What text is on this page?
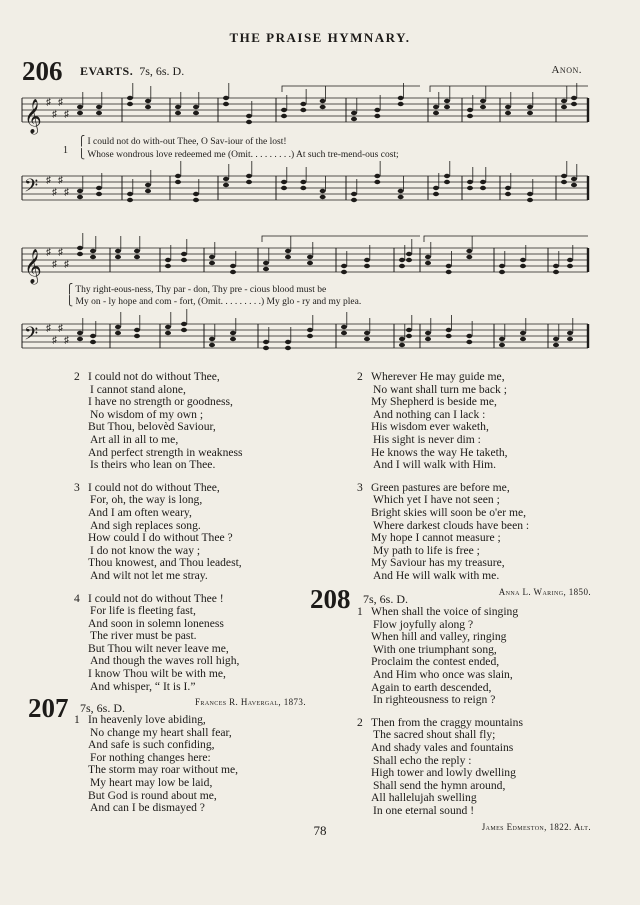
THE PRAISE HYMNARY.
206 EVARTS. 7s, 6s. D.	Anon.
𝄞 ♯
♯
♯
♯
𝄢 ♯
♯
♯
♯
1
⎧ I could not do with-out Thee, O Sav-iour of the lost!
⎩ Whose wondrous love redeemed me (Omit. . . . . . . . .) At such tre-mend-ous cost;
𝄞 ♯
♯
♯
♯
𝄢 ♯
♯
♯
♯
⎧ Thy right-eous-ness, Thy par - don, Thy pre - cious blood must be
⎩ My on - ly hope and com - fort, (Omit. . . . . . . . .) My glo - ry and my plea.
2 I could not do without Thee,
I cannot stand alone,
I have no strength or goodness,
No wisdom of my own ;
But Thou, belovèd Saviour,
Art all in all to me,
And perfect strength in weakness
Is theirs who lean on Thee.
3 I could not do without Thee,
For, oh, the way is long,
And I am often weary,
And sigh replaces song.
How could I do without Thee ?
I do not know the way ;
Thou knowest, and Thou leadest,
And wilt not let me stray.
4 I could not do without Thee !
For life is fleeting fast,
And soon in solemn loneness
The river must be past.
But Thou wilt never leave me,
And though the waves roll high,
I know Thou wilt be with me,
And whisper, “ It is I.”
Frances R. Havergal, 1873.
207 7s, 6s. D.
1 In heavenly love abiding,
No change my heart shall fear,
And safe is such confiding,
For nothing changes here:
The storm may roar without me,
My heart may low be laid,
But God is round about me,
And can I be dismayed ?
2 Wherever He may guide me,
No want shall turn me back ;
My Shepherd is beside me,
And nothing can I lack :
His wisdom ever waketh,
His sight is never dim :
He knows the way He taketh,
And I will walk with Him.
3 Green pastures are before me,
Which yet I have not seen ;
Bright skies will soon be o'er me,
Where darkest clouds have been :
My hope I cannot measure ;
My path to life is free ;
My Saviour has my treasure,
And He will walk with me.
Anna L. Waring, 1850.
208 7s, 6s. D.
1 When shall the voice of singing
Flow joyfully along ?
When hill and valley, ringing
With one triumphant song,
Proclaim the contest ended,
And Him who once was slain,
Again to earth descended,
In righteousness to reign ?
2 Then from the craggy mountains
The sacred shout shall fly;
And shady vales and fountains
Shall echo the reply :
High tower and lowly dwelling
Shall send the hymn around,
All hallelujah swelling
In one eternal sound !
James Edmeston, 1822. Alt.
78
